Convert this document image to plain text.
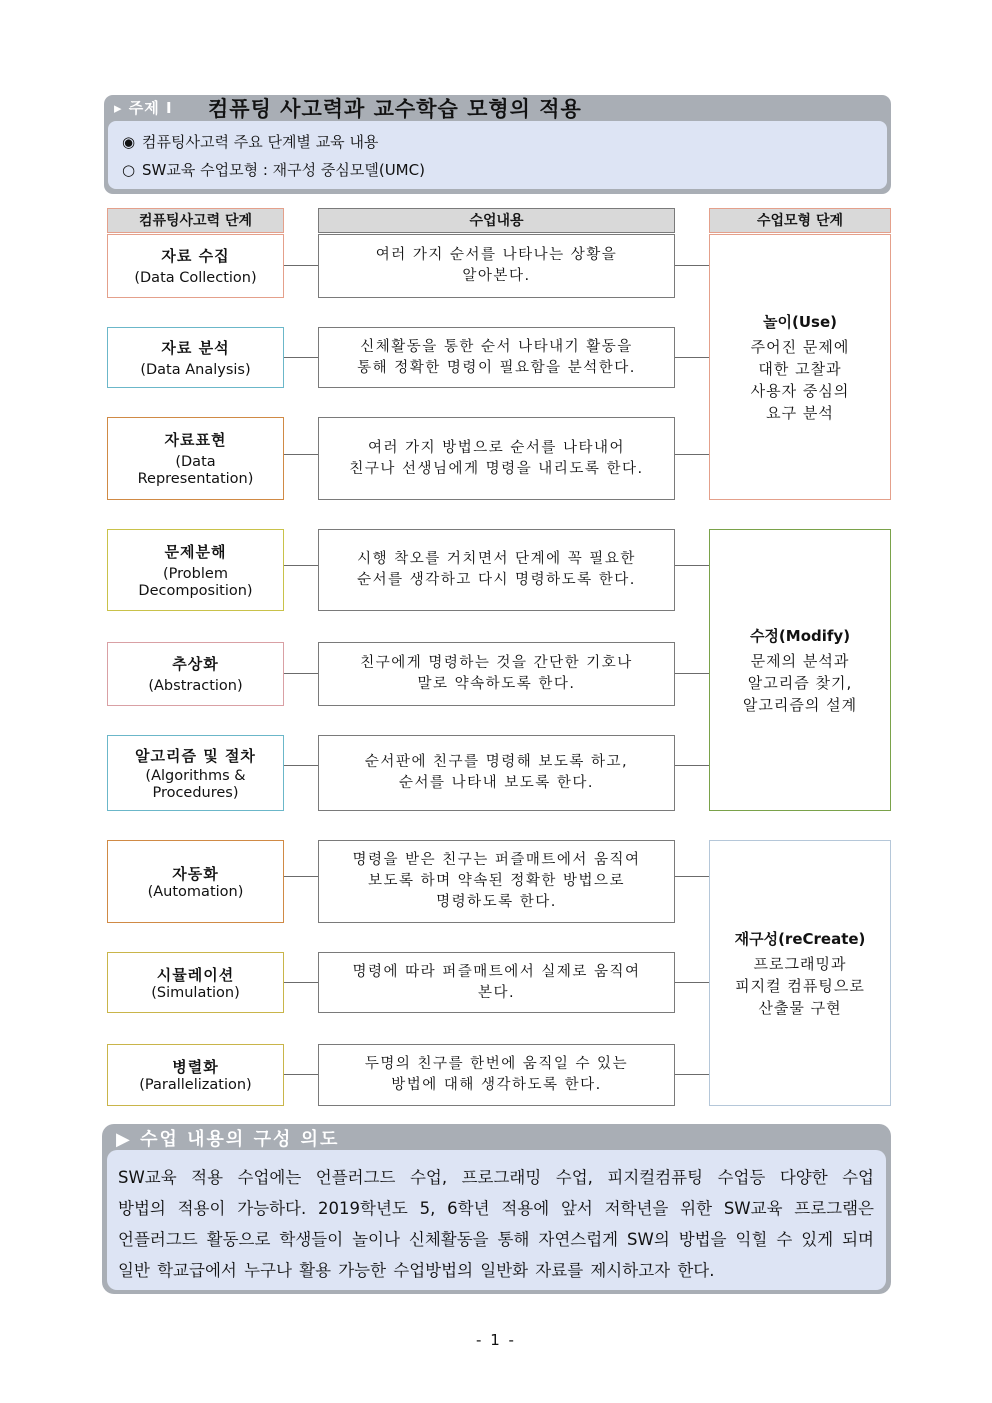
▸ 주제 Ⅰ 컴퓨팅 사고력과 교수학습 모형의 적용
◉ 컴퓨팅사고력 주요 단계별 교육 내용
○ SW교육 수업모형 : 재구성 중심모델(UMC)
컴퓨팅사고력 단계	수업내용	수업모형 단계
자료 수집
(Data Collection)
자료 분석
(Data Analysis)
자료표현
(Data
Representation)
문제분해
(Problem
Decomposition)
추상화
(Abstraction)
알고리즘 및 절차
(Algorithms &
Procedures)
자동화
(Automation)
시뮬레이션
(Simulation)
병렬화
(Parallelization)
여러 가지 순서를 나타나는 상황을
알아본다.
신체활동을 통한 순서 나타내기 활동을
통해 정확한 명령이 필요함을 분석한다.
여러 가지 방법으로 순서를 나타내어
친구나 선생님에게 명령을 내리도록 한다.
시행 착오를 거치면서 단계에 꼭 필요한
순서를 생각하고 다시 명령하도록 한다.
친구에게 명령하는 것을 간단한 기호나
말로 약속하도록 한다.
순서판에 친구를 명령해 보도록 하고,
순서를 나타내 보도록 한다.
명령을 받은 친구는 퍼즐매트에서 움직여
보도록 하며 약속된 정확한 방법으로
명령하도록 한다.
명령에 따라 퍼즐매트에서 실제로 움직여
본다.
두명의 친구를 한번에 움직일 수 있는
방법에 대해 생각하도록 한다.
놀이(Use)
주어진 문제에
대한 고찰과
사용자 중심의
요구 분석
수정(Modify)
문제의 분석과
알고리즘 찾기,
알고리즘의 설계
재구성(reCreate)
프로그래밍과
피지컬 컴퓨팅으로
산출물 구현
▶ 수업 내용의 구성 의도
SW교육 적용 수업에는 언플러그드 수업, 프로그래밍 수업, 피지컬컴퓨팅 수업등 다양한 수업
방법의 적용이 가능하다. 2019학년도 5, 6학년 적용에 앞서 저학년을 위한 SW교육 프로그램은
언플러그드 활동으로 학생들이 놀이나 신체활동을 통해 자연스럽게 SW의 방법을 익힐 수 있게 되며
일반 학교급에서 누구나 활용 가능한 수업방법의 일반화 자료를 제시하고자 한다.
- 1 -
